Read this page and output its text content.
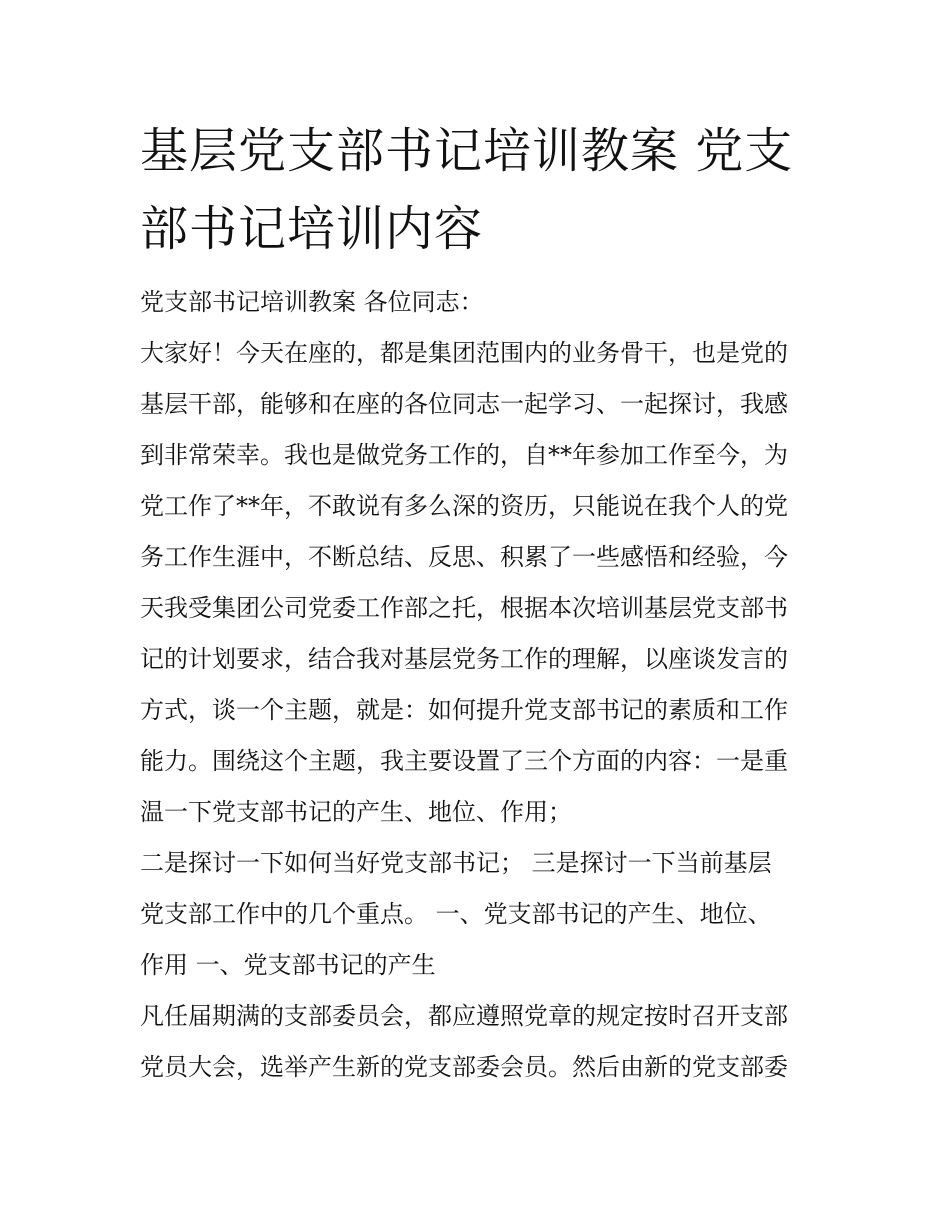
基层党支部书记培训教案 党支
部书记培训内容

党支部书记培训教案 各位同志：

大家好！今天在座的，都是集团范围内的业务骨干，也是党的
基层干部，能够和在座的各位同志一起学习、一起探讨，我感
到非常荣幸。我也是做党务工作的，自**年参加工作至今，为
党工作了**年，不敢说有多么深的资历，只能说在我个人的党
务工作生涯中，不断总结、反思、积累了一些感悟和经验，今
天我受集团公司党委工作部之托，根据本次培训基层党支部书
记的计划要求，结合我对基层党务工作的理解，以座谈发言的
方式，谈一个主题，就是：如何提升党支部书记的素质和工作
能力。围绕这个主题，我主要设置了三个方面的内容：一是重
温一下党支部书记的产生、地位、作用；

二是探讨一下如何当好党支部书记； 三是探讨一下当前基层
党支部工作中的几个重点。 一、党支部书记的产生、地位、
作用 一、党支部书记的产生

凡任届期满的支部委员会，都应遵照党章的规定按时召开支部
党员大会，选举产生新的党支部委会员。然后由新的党支部委
